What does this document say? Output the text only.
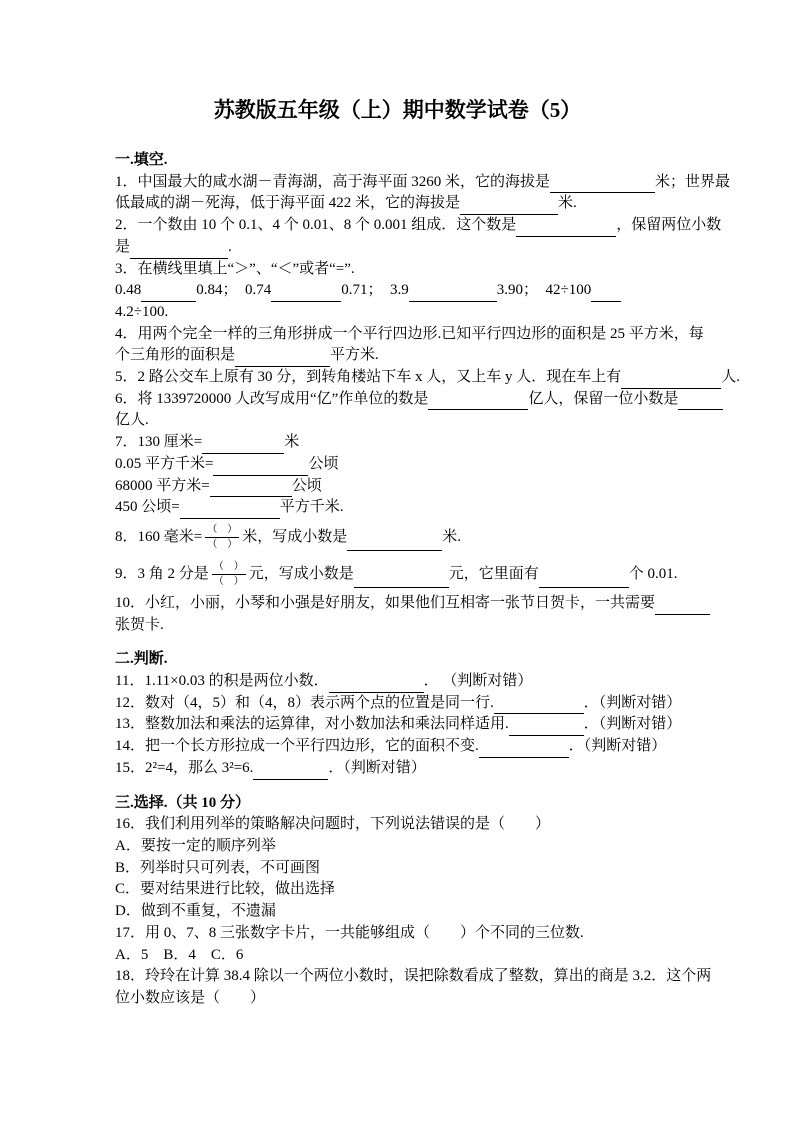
苏教版五年级（上）期中数学试卷（5）
一.填空.
1．中国最大的咸水湖－青海湖，高于海平面 3260 米，它的海拔是	米；世界最
低最咸的湖－死海，低于海平面 422 米，它的海拔是	米.
2．一个数由 10 个 0.1、4 个 0.01、8 个 0.001 组成．这个数是	，保留两位小数
是	.
3．在横线里填上“＞”、“＜”或者“=”.
0.48	0.84；  0.74	0.71；  3.9	3.90；  42÷100
4.2÷100.
4．用两个完全一样的三角形拼成一个平行四边形.已知平行四边形的面积是 25 平方米，每
个三角形的面积是	平方米.
5．2 路公交车上原有 30 分，到转角楼站下车 x 人，又上车 y 人．现在车上有	人.
6．将 1339720000 人改写成用“亿”作单位的数是	亿人，保留一位小数是
亿人.
7．130 厘米=	米
0.05 平方千米=	公顷
68000 平方米=	公顷
450 公顷=	平方千米.
8．160 毫米= $\frac{( )}{( )}$ 米，写成小数是	米.
9．3 角 2 分是 $\frac{( )}{( )}$ 元，写成小数是	元，它里面有	个 0.01.
10．小红，小丽，小琴和小强是好朋友，如果他们互相寄一张节日贺卡，一共需要
张贺卡.
二.判断.
11．1.11×0.03 的积是两位小数．	． （判断对错）
12．数对（4，5）和（4，8）表示两个点的位置是同一行.	．（判断对错）
13．整数加法和乘法的运算律，对小数加法和乘法同样适用.	．（判断对错）
14．把一个长方形拉成一个平行四边形，它的面积不变.	．（判断对错）
15．2²=4，那么 3²=6.	．（判断对错）
三.选择.（共 10 分）
16．我们利用列举的策略解决问题时，下列说法错误的是（　　）
A．要按一定的顺序列举
B．列举时只可列表，不可画图
C．要对结果进行比较，做出选择
D．做到不重复，不遗漏
17．用 0、7、8 三张数字卡片，一共能够组成（　　）个不同的三位数.
A．5　B．4　C．6
18．玲玲在计算 38.4 除以一个两位小数时，误把除数看成了整数，算出的商是 3.2．这个两
位小数应该是（　　）
